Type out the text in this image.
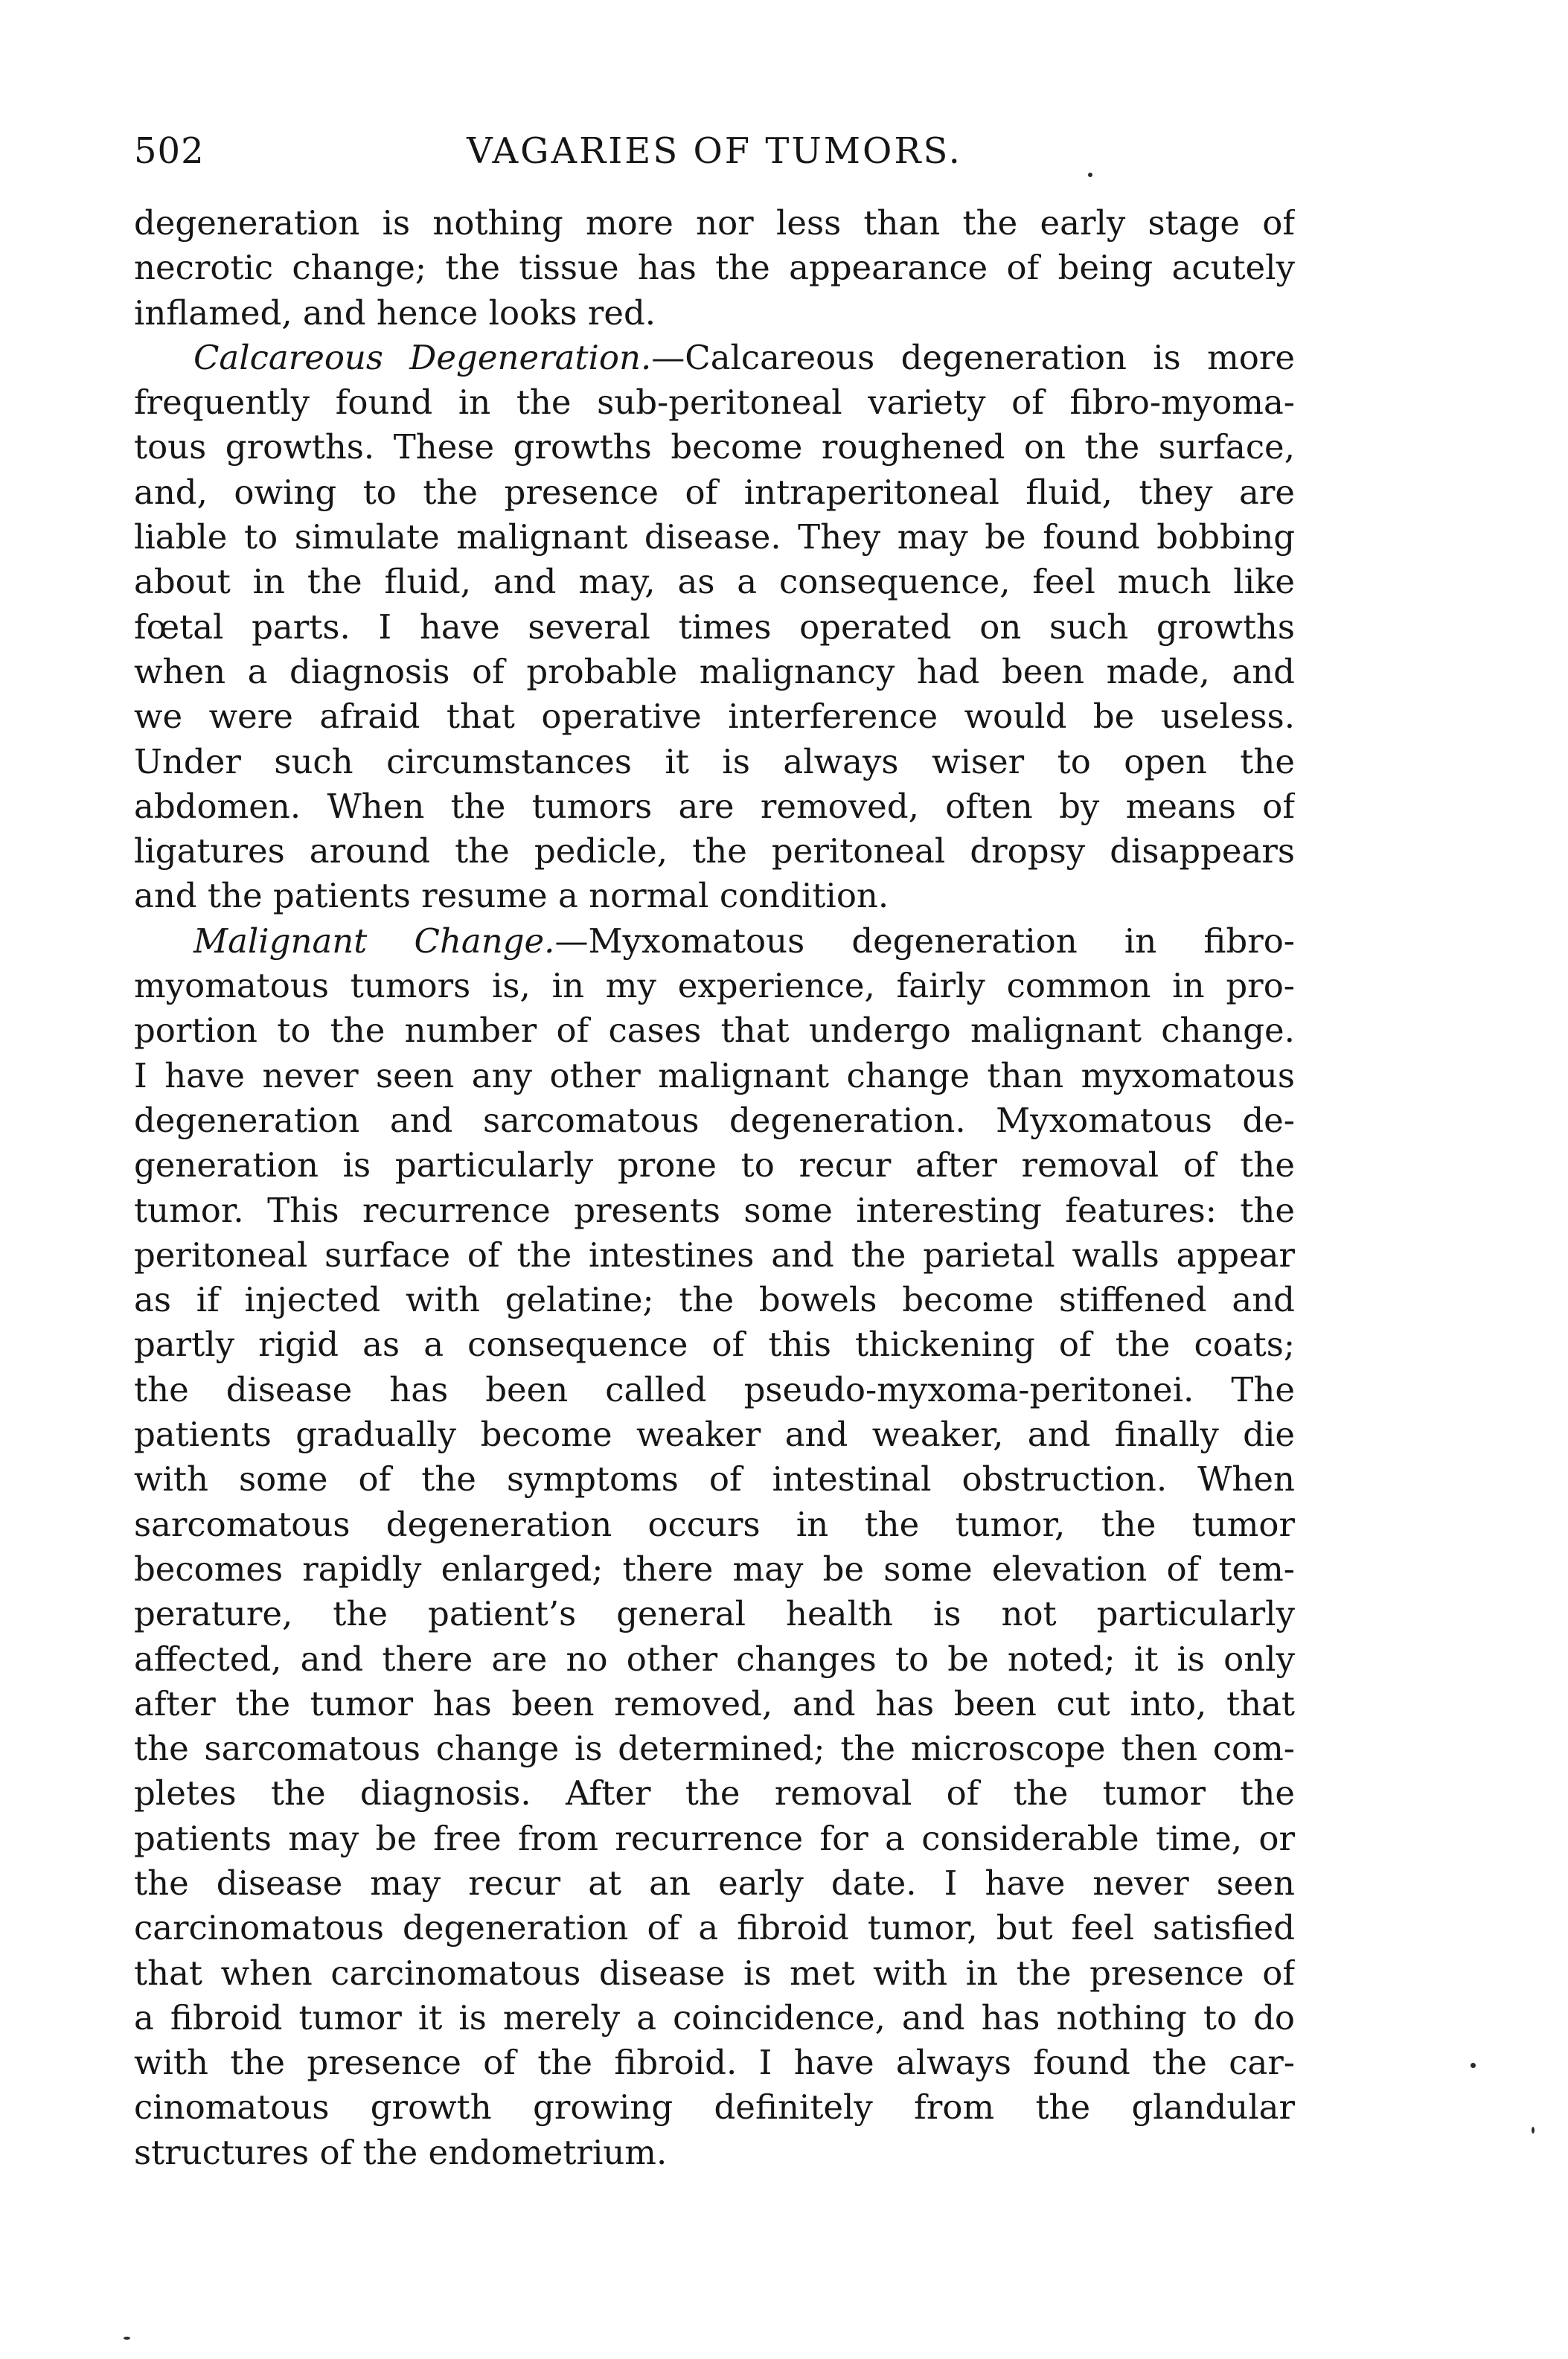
502	VAGARIES OF TUMORS.
degeneration is nothing more nor less than the early stage of
necrotic change; the tissue has the appearance of being acutely
inflamed, and hence looks red.
Calcareous Degeneration.—Calcareous degeneration is more
frequently found in the sub-peritoneal variety of fibro-myoma-
tous growths. These growths become roughened on the surface,
and, owing to the presence of intraperitoneal fluid, they are
liable to simulate malignant disease. They may be found bobbing
about in the fluid, and may, as a consequence, feel much like
fœtal parts. I have several times operated on such growths
when a diagnosis of probable malignancy had been made, and
we were afraid that operative interference would be useless.
Under such circumstances it is always wiser to open the
abdomen. When the tumors are removed, often by means of
ligatures around the pedicle, the peritoneal dropsy disappears
and the patients resume a normal condition.
Malignant Change.—Myxomatous degeneration in fibro-
myomatous tumors is, in my experience, fairly common in pro-
portion to the number of cases that undergo malignant change.
I have never seen any other malignant change than myxomatous
degeneration and sarcomatous degeneration. Myxomatous de-
generation is particularly prone to recur after removal of the
tumor. This recurrence presents some interesting features: the
peritoneal surface of the intestines and the parietal walls appear
as if injected with gelatine; the bowels become stiffened and
partly rigid as a consequence of this thickening of the coats;
the disease has been called pseudo-myxoma-peritonei. The
patients gradually become weaker and weaker, and finally die
with some of the symptoms of intestinal obstruction. When
sarcomatous degeneration occurs in the tumor, the tumor
becomes rapidly enlarged; there may be some elevation of tem-
perature, the patient’s general health is not particularly
affected, and there are no other changes to be noted; it is only
after the tumor has been removed, and has been cut into, that
the sarcomatous change is determined; the microscope then com-
pletes the diagnosis. After the removal of the tumor the
patients may be free from recurrence for a considerable time, or
the disease may recur at an early date. I have never seen
carcinomatous degeneration of a fibroid tumor, but feel satisfied
that when carcinomatous disease is met with in the presence of
a fibroid tumor it is merely a coincidence, and has nothing to do
with the presence of the fibroid. I have always found the car-
cinomatous growth growing definitely from the glandular
structures of the endometrium.
